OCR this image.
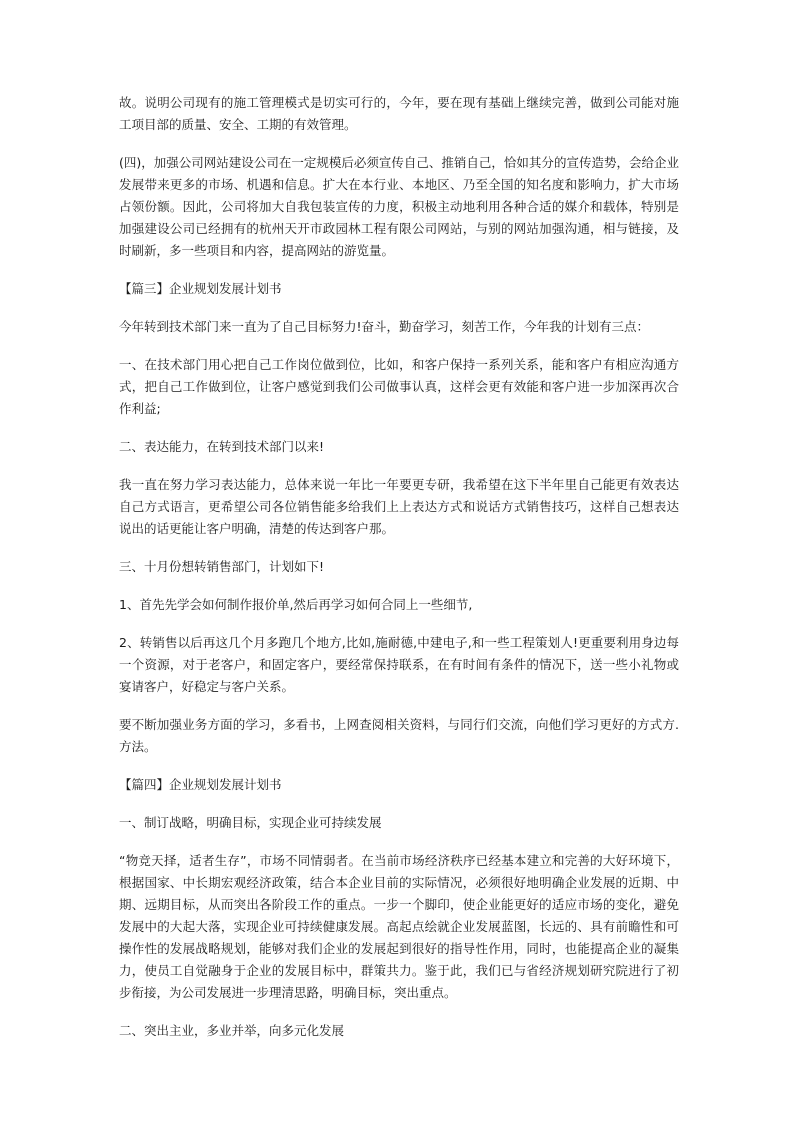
故。说明公司现有的施工管理模式是切实可行的，今年，要在现有基础上继续完善，做到公司能对施工项目部的质量、安全、工期的有效管理。

(四)，加强公司网站建设公司在一定规模后必须宣传自己、推销自己，恰如其分的宣传造势，会给企业发展带来更多的市场、机遇和信息。扩大在本行业、本地区、乃至全国的知名度和影响力，扩大市场占领份额。因此，公司将加大自我包装宣传的力度，积极主动地利用各种合适的媒介和载体，特别是加强建设公司已经拥有的杭州天开市政园林工程有限公司网站，与别的网站加强沟通，相与链接，及时刷新，多一些项目和内容，提高网站的游览量。

【篇三】企业规划发展计划书

今年转到技术部门来一直为了自己目标努力!奋斗，勤奋学习，刻苦工作，今年我的计划有三点：

一、在技术部门用心把自己工作岗位做到位，比如，和客户保持一系列关系，能和客户有相应沟通方式，把自己工作做到位，让客户感觉到我们公司做事认真，这样会更有效能和客户进一步加深再次合作利益;

二、表达能力，在转到技术部门以来!

我一直在努力学习表达能力，总体来说一年比一年要更专研，我希望在这下半年里自己能更有效表达自己方式语言，更希望公司各位销售能多给我们上上表达方式和说话方式销售技巧，这样自己想表达说出的话更能让客户明确，清楚的传达到客户那。

三、十月份想转销售部门，计划如下!

1、首先先学会如何制作报价单,然后再学习如何合同上一些细节,

2、转销售以后再这几个月多跑几个地方,比如,施耐德,中建电子,和一些工程策划人!更重要利用身边每一个资源，对于老客户，和固定客户，要经常保持联系，在有时间有条件的情况下，送一些小礼物或宴请客户，好稳定与客户关系。

要不断加强业务方面的学习，多看书，上网查阅相关资料，与同行们交流，向他们学习更好的方式方.方法。

【篇四】企业规划发展计划书

一、制订战略，明确目标，实现企业可持续发展

“物竞天择，适者生存”，市场不同情弱者。在当前市场经济秩序已经基本建立和完善的大好环境下，根据国家、中长期宏观经济政策，结合本企业目前的实际情况，必须很好地明确企业发展的近期、中期、远期目标，从而突出各阶段工作的重点。一步一个脚印，使企业能更好的适应市场的变化，避免发展中的大起大落，实现企业可持续健康发展。高起点绘就企业发展蓝图，长远的、具有前瞻性和可操作性的发展战略规划，能够对我们企业的发展起到很好的指导性作用，同时，也能提高企业的凝集力，使员工自觉融身于企业的发展目标中，群策共力。鉴于此，我们已与省经济规划研究院进行了初步衔接，为公司发展进一步理清思路，明确目标，突出重点。

二、突出主业，多业并举，向多元化发展
